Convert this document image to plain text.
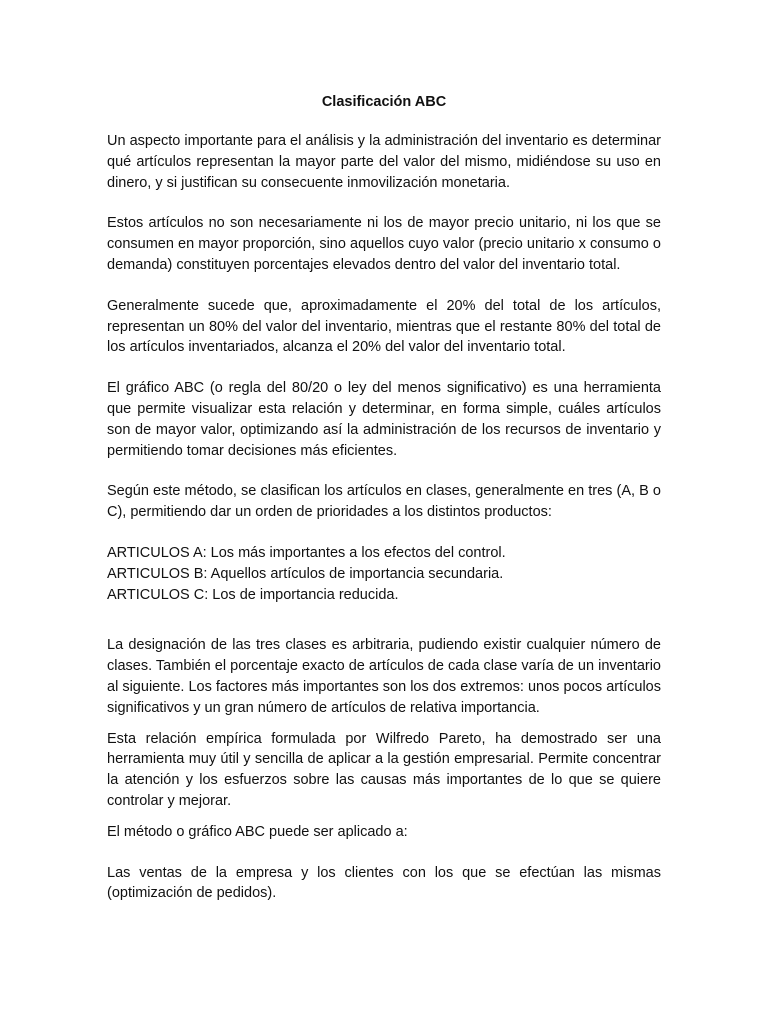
Clasificación ABC

Un aspecto importante para el análisis y la administración del inventario es determinar qué artículos representan la mayor parte del valor del mismo, midiéndose su uso en dinero, y si justifican su consecuente inmovilización monetaria.

Estos artículos no son necesariamente ni los de mayor precio unitario, ni los que se consumen en mayor proporción, sino aquellos cuyo valor (precio unitario x consumo o demanda) constituyen porcentajes elevados dentro del valor del inventario total.

Generalmente sucede que, aproximadamente el 20% del total de los artículos, representan un 80% del valor del inventario, mientras que el restante 80% del total de los artículos inventariados, alcanza el 20% del valor del inventario total.

El gráfico ABC (o regla del 80/20 o ley del menos significativo) es una herramienta que permite visualizar esta relación y determinar, en forma simple, cuáles artículos son de mayor valor, optimizando así la administración de los recursos de inventario y permitiendo tomar decisiones más eficientes.

Según este método, se clasifican los artículos en clases, generalmente en tres (A, B o C), permitiendo dar un orden de prioridades a los distintos productos:

ARTICULOS A: Los más importantes a los efectos del control.
ARTICULOS B: Aquellos artículos de importancia secundaria.
ARTICULOS C: Los de importancia reducida.

La designación de las tres clases es arbitraria, pudiendo existir cualquier número de clases. También el porcentaje exacto de artículos de cada clase varía de un inventario al siguiente. Los factores más importantes son los dos extremos: unos pocos artículos significativos y un gran número de artículos de relativa importancia.

Esta relación empírica formulada por Wilfredo Pareto, ha demostrado ser una herramienta muy útil y sencilla de aplicar a la gestión empresarial. Permite concentrar la atención y los esfuerzos sobre las causas más importantes de lo que se quiere controlar y mejorar.

El método o gráfico ABC puede ser aplicado a:

Las ventas de la empresa y los clientes con los que se efectúan las mismas (optimización de pedidos).
